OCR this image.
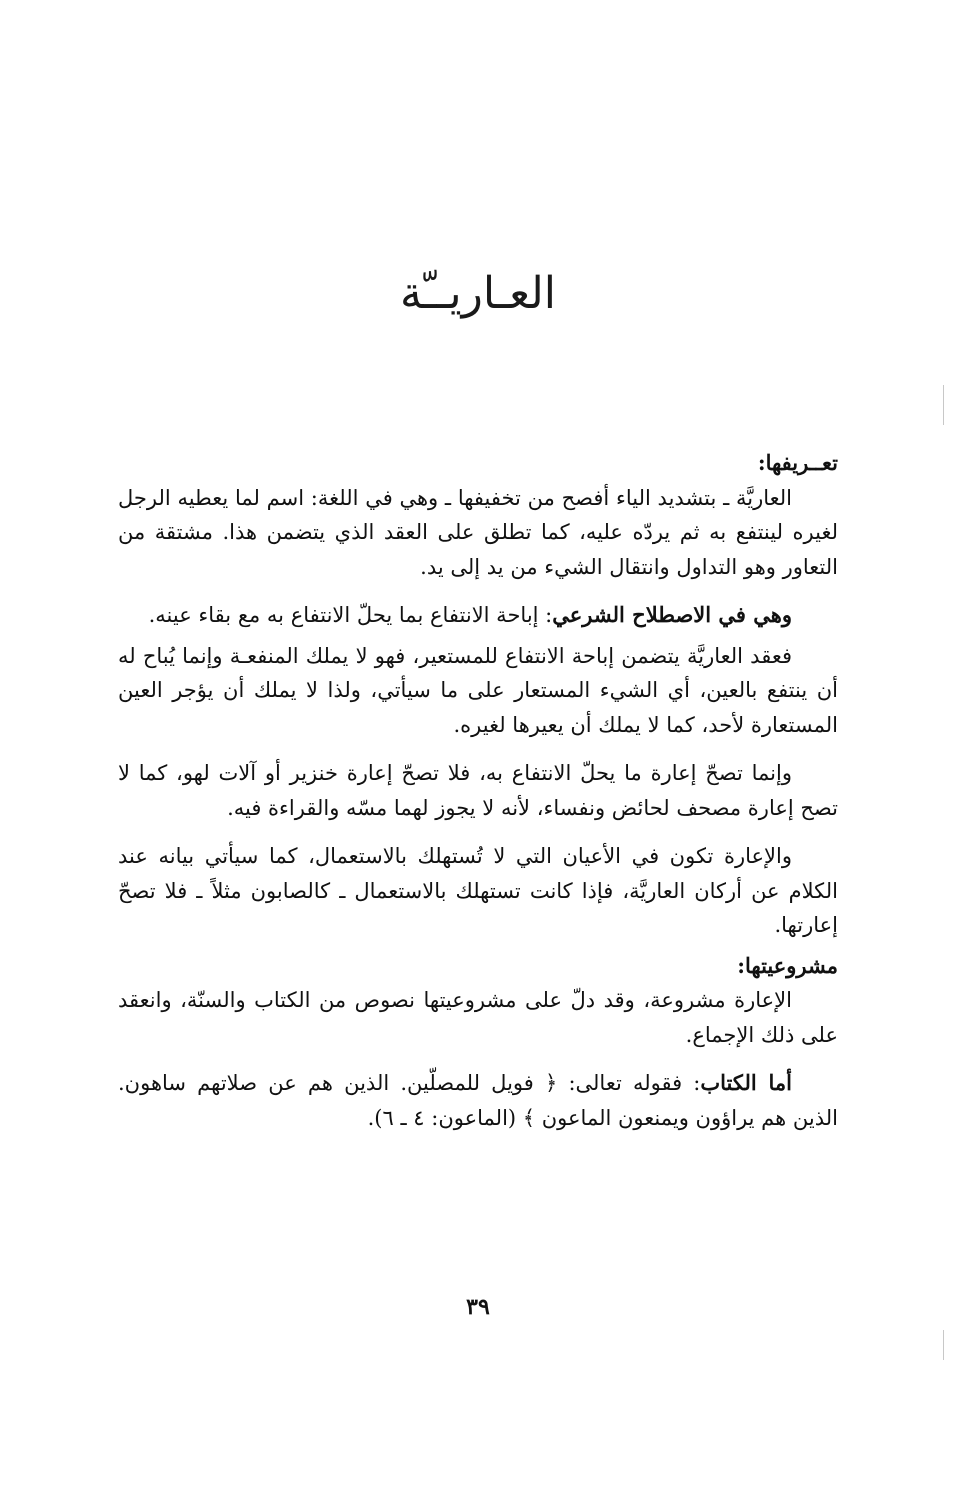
العـاريــّة
تعــريفها:

العاريَّة ـ بتشديد الياء أفصح من تخفيفها ـ وهي في اللغة: اسم لما يعطيه الرجل لغيره لينتفع به ثم يردّه عليه، كما تطلق على العقد الذي يتضمن هذا. مشتقة من التعاور وهو التداول وانتقال الشيء من يد إلى يد.

وهي في الاصطلاح الشرعي: إباحة الانتفاع بما يحلّ الانتفاع به مع بقاء عينه.

فعقد العاريَّة يتضمن إباحة الانتفاع للمستعير، فهو لا يملك المنفعـة وإنما يُباح له أن ينتفع بالعين، أي الشيء المستعار على ما سيأتي، ولذا لا يملك أن يؤجر العين المستعارة لأحد، كما لا يملك أن يعيرها لغيره.

وإنما تصحّ إعارة ما يحلّ الانتفاع به، فلا تصحّ إعارة خنزير أو آلات لهو، كما لا تصح إعارة مصحف لحائض ونفساء، لأنه لا يجوز لهما مسّه والقراءة فيه.

والإعارة تكون في الأعيان التي لا تُستهلك بالاستعمال، كما سيأتي بيانه عند الكلام عن أركان العاريَّة، فإذا كانت تستهلك بالاستعمال ـ كالصابون مثلاً ـ فلا تصحّ إعارتها.

مشروعيتها:

الإعارة مشروعة، وقد دلّ على مشروعيتها نصوص من الكتاب والسنّة، وانعقد على ذلك الإجماع.

أما الكتاب: فقوله تعالى: ﴿ فويل للمصلّين. الذين هم عن صلاتهم ساهون. الذين هم يراؤون ويمنعون الماعون ﴾ (الماعون: ٤ ـ ٦).

٣٩
